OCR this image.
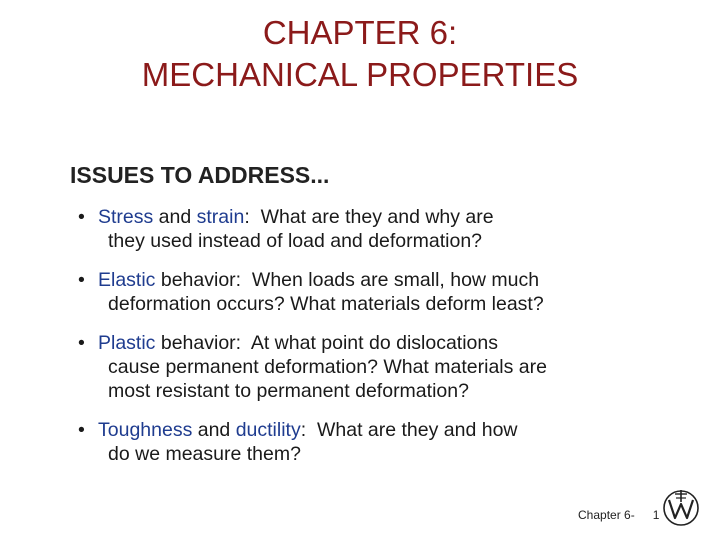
CHAPTER 6:
MECHANICAL PROPERTIES
ISSUES TO ADDRESS...
• Stress and strain:  What are they and why are
they used instead of load and deformation?
• Elastic behavior:  When loads are small, how much
deformation occurs? What materials deform least?
• Plastic behavior:  At what point do dislocations
cause permanent deformation? What materials are
most resistant to permanent deformation?
• Toughness and ductility:  What are they and how
do we measure them?
Chapter 6- 1
